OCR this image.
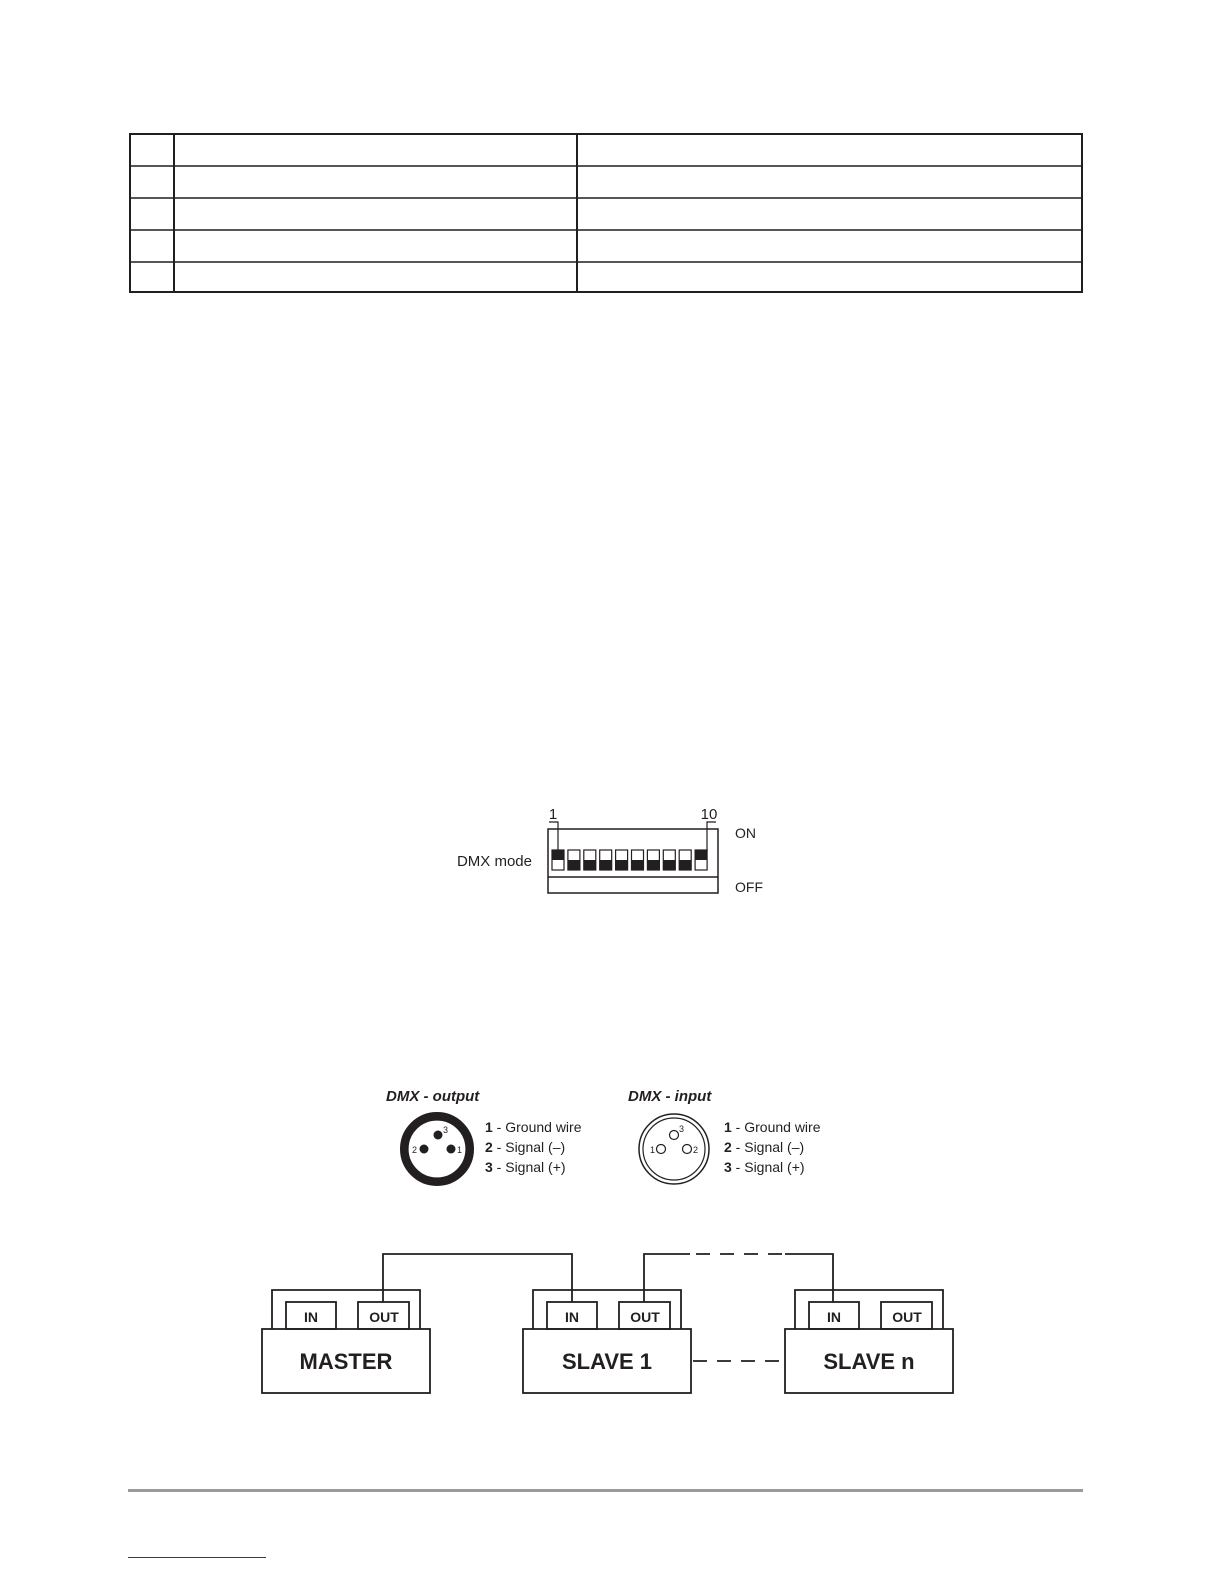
DMX mode
1	10
ON
OFF
DMX - output	DMX - input
3
2	1
3
1	2
1 - Ground wire
2 - Signal (–)
3 - Signal (+)
1 - Ground wire
2 - Signal (–)
3 - Signal (+)
IN	OUT
MASTER
IN	OUT
SLAVE 1
IN	OUT
SLAVE n
